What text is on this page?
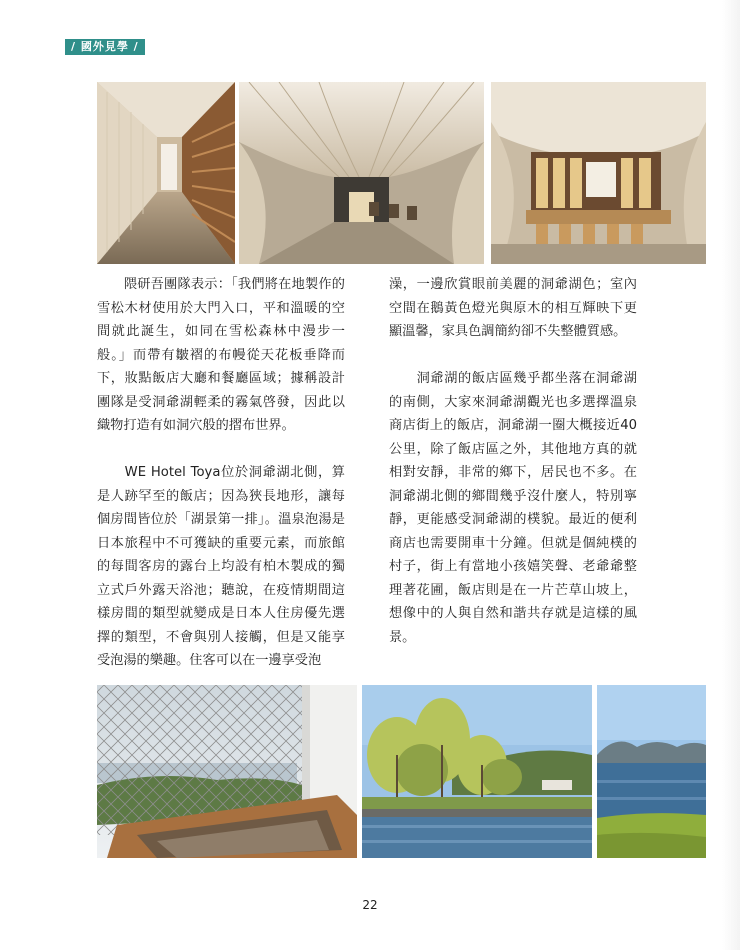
/ 國外見學 /

　　隈研吾團隊表示：「我們將在地製作的雪松木材使用於大門入口，平和溫暖的空間就此誕生，如同在雪松森林中漫步一般。」而帶有皺褶的布幔從天花板垂降而下，妝點飯店大廳和餐廳區域；據稱設計團隊是受洞爺湖輕柔的霧氣啓發，因此以織物打造有如洞穴般的摺布世界。

　　WE Hotel Toya位於洞爺湖北側，算是人跡罕至的飯店；因為狹長地形，讓每個房間皆位於「湖景第一排」。溫泉泡湯是日本旅程中不可獲缺的重要元素，而旅館的每間客房的露台上均設有柏木製成的獨立式戶外露天浴池；聽說，在疫情期間這樣房間的類型就變成是日本人住房優先選擇的類型，不會與別人接觸，但是又能享受泡湯的樂趣。住客可以在一邊享受泡

澡，一邊欣賞眼前美麗的洞爺湖色；室內空間在鵝黃色燈光與原木的相互輝映下更顯溫馨，家具色調簡約卻不失整體質感。

　　洞爺湖的飯店區幾乎都坐落在洞爺湖的南側，大家來洞爺湖觀光也多選擇溫泉商店街上的飯店，洞爺湖一圈大概接近40公里，除了飯店區之外，其他地方真的就相對安靜，非常的鄉下，居民也不多。在洞爺湖北側的鄉間幾乎沒什麼人，特別寧靜，更能感受洞爺湖的樸貌。最近的便利商店也需要開車十分鐘。但就是個純樸的村子，街上有當地小孩嬉笑聲、老爺爺整理著花圃，飯店則是在一片芒草山坡上，想像中的人與自然和諧共存就是這樣的風景。

22
